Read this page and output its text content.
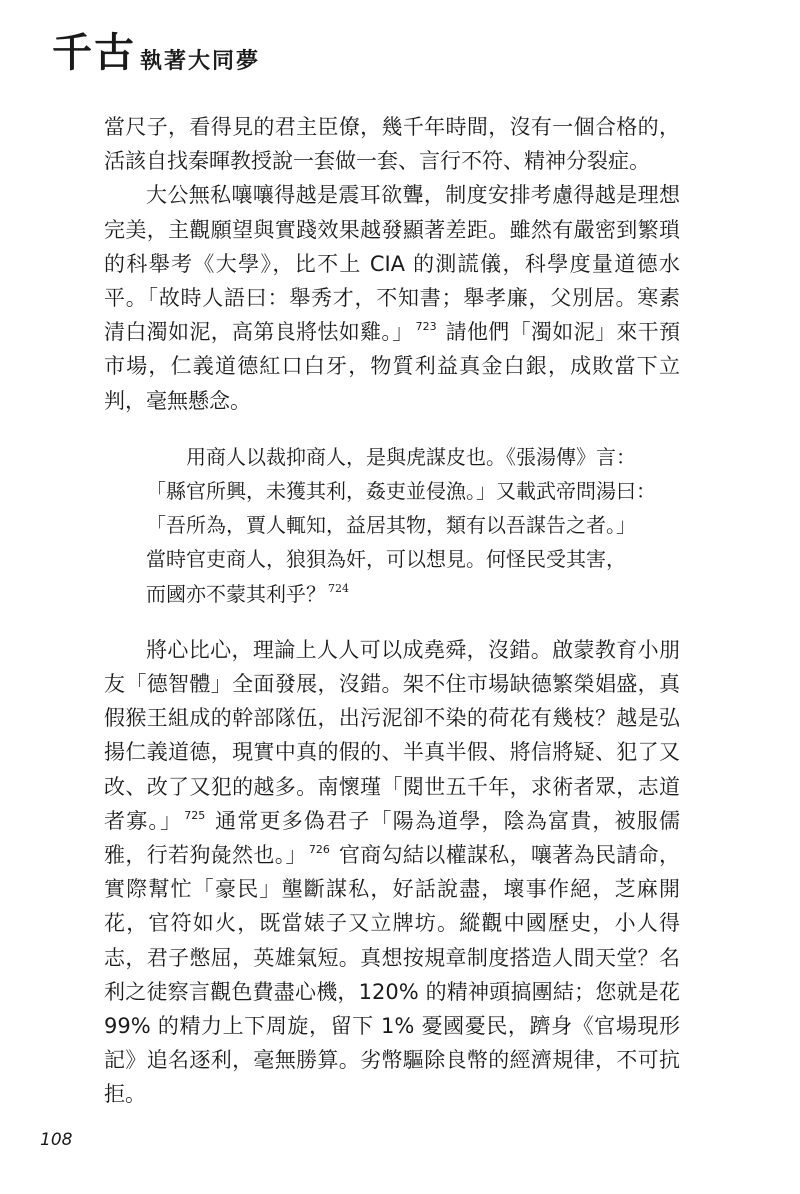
千古 執著大同夢

當尺子，看得見的君主臣僚，幾千年時間，沒有一個合格的，活該自找秦暉教授說一套做一套、言行不符、精神分裂症。

大公無私嚷嚷得越是震耳欲聾，制度安排考慮得越是理想完美，主觀願望與實踐效果越發顯著差距。雖然有嚴密到繁瑣的科舉考《大學》，比不上 CIA 的測謊儀，科學度量道德水平。「故時人語曰：舉秀才，不知書；舉孝廉，父別居。寒素清白濁如泥，高第良將怯如雞。」 $^{723}$ 請他們「濁如泥」來干預市場，仁義道德紅口白牙，物質利益真金白銀，成敗當下立判，毫無懸念。

用商人以裁抑商人，是與虎謀皮也。《張湯傳》言：
「縣官所興，未獲其利，姦吏並侵漁。」又載武帝問湯曰：
「吾所為，賈人輒知，益居其物，類有以吾謀告之者。」
當時官吏商人，狼狽為奸，可以想見。何怪民受其害，
而國亦不蒙其利乎？ $^{724}$

將心比心，理論上人人可以成堯舜，沒錯。啟蒙教育小朋友「德智體」全面發展，沒錯。架不住市場缺德繁榮娼盛，真假猴王組成的幹部隊伍，出污泥卻不染的荷花有幾枝？越是弘揚仁義道德，現實中真的假的、半真半假、將信將疑、犯了又改、改了又犯的越多。南懷瑾「閱世五千年，求術者眾，志道者寡。」 $^{725}$ 通常更多偽君子「陽為道學，陰為富貴，被服儒雅，行若狗彘然也。」 $^{726}$ 官商勾結以權謀私，嚷著為民請命，實際幫忙「豪民」壟斷謀私，好話說盡，壞事作絕，芝麻開花，官符如火，既當婊子又立牌坊。縱觀中國歷史，小人得志，君子憋屈，英雄氣短。真想按規章制度搭造人間天堂？名利之徒察言觀色費盡心機，120% 的精神頭搞團結；您就是花 99% 的精力上下周旋，留下 1% 憂國憂民，躋身《官場現形記》追名逐利，毫無勝算。劣幣驅除良幣的經濟規律，不可抗拒。

108
